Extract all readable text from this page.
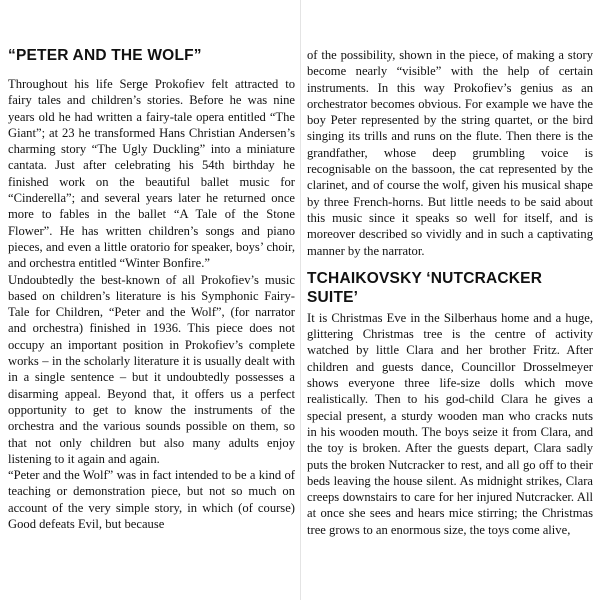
“PETER AND THE WOLF”

Throughout his life Serge Prokofiev felt attracted to fairy tales and children’s stories. Before he was nine years old he had written a fairy-tale opera entitled “The Giant”; at 23 he transformed Hans Christian Andersen’s charming story “The Ugly Duckling” into a miniature cantata. Just after celebrating his 54th birthday he finished work on the beautiful ballet music for “Cinderella”; and several years later he returned once more to fables in the ballet “A Tale of the Stone Flower”. He has written children’s songs and piano pieces, and even a little oratorio for speaker, boys’ choir, and orchestra entitled “Winter Bonfire.”

Undoubtedly the best-known of all Prokofiev’s music based on children’s literature is his Symphonic Fairy-Tale for Children, “Peter and the Wolf”, (for narrator and orchestra) finished in 1936. This piece does not occupy an important position in Prokofiev’s complete works – in the scholarly literature it is usually dealt with in a single sentence – but it undoubtedly possesses a disarming appeal. Beyond that, it offers us a perfect opportunity to get to know the instruments of the orchestra and the various sounds possible on them, so that not only children but also many adults enjoy listening to it again and again.

“Peter and the Wolf” was in fact intended to be a kind of teaching or demonstration piece, but not so much on account of the very simple story, in which (of course) Good defeats Evil, but because

of the possibility, shown in the piece, of making a story become nearly “visible” with the help of certain instruments. In this way Prokofiev’s genius as an orchestrator becomes obvious. For example we have the boy Peter represented by the string quartet, or the bird singing its trills and runs on the flute. Then there is the grandfather, whose deep grumbling voice is recognisable on the bassoon, the cat represented by the clarinet, and of course the wolf, given his musical shape by three French-horns. But little needs to be said about this music since it speaks so well for itself, and is moreover described so vividly and in such a captivating manner by the narrator.

TCHAIKOVSKY ‘NUTCRACKER SUITE’

It is Christmas Eve in the Silberhaus home and a huge, glittering Christmas tree is the centre of activity watched by little Clara and her brother Fritz. After children and guests dance, Councillor Drosselmeyer shows everyone three life-size dolls which move realistically. Then to his god-child Clara he gives a special present, a sturdy wooden man who cracks nuts in his wooden mouth. The boys seize it from Clara, and the toy is broken. After the guests depart, Clara sadly puts the broken Nutcracker to rest, and all go off to their beds leaving the house silent. As midnight strikes, Clara creeps downstairs to care for her injured Nutcracker. All at once she sees and hears mice stirring; the Christmas tree grows to an enormous size, the toys come alive,
